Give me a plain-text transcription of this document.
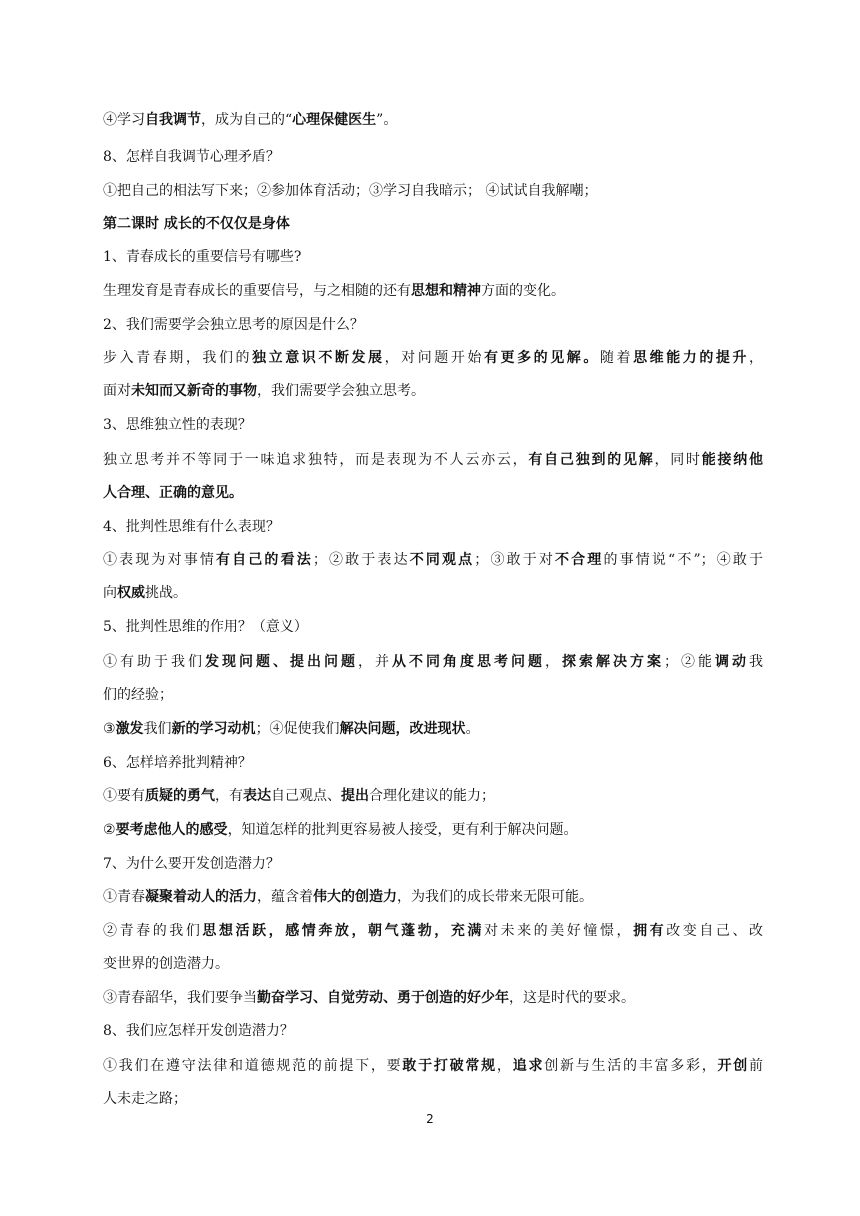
④学习自我调节，成为自己的“心理保健医生”。
8、怎样自我调节心理矛盾？
①把自己的相法写下来；②参加体育活动；③学习自我暗示； ④试试自我解嘲；
第二课时 成长的不仅仅是身体
1、青春成长的重要信号有哪些?
生理发育是青春成长的重要信号，与之相随的还有思想和精神方面的变化。
2、我们需要学会独立思考的原因是什么？
步入青春期，我们的独立意识不断发展，对问题开始有更多的见解。随着思维能力的提升，
面对未知而又新奇的事物，我们需要学会独立思考。
3、思维独立性的表现？
独立思考并不等同于一味追求独特，而是表现为不人云亦云，有自己独到的见解，同时能接纳他
人合理、正确的意见。
4、批判性思维有什么表现？
①表现为对事情有自己的看法；②敢于表达不同观点；③敢于对不合理的事情说“不”；④敢于
向权威挑战。
5、批判性思维的作用？（意义）
①有助于我们发现问题、提出问题，并从不同角度思考问题，探索解决方案；②能调动我
们的经验；
③激发我们新的学习动机；④促使我们解决问题，改进现状。
6、怎样培养批判精神？
①要有质疑的勇气，有表达自己观点、提出合理化建议的能力；
②要考虑他人的感受，知道怎样的批判更容易被人接受，更有利于解决问题。
7、为什么要开发创造潜力？
①青春凝聚着动人的活力，蕴含着伟大的创造力，为我们的成长带来无限可能。
②青春的我们思想活跃，感情奔放，朝气蓬勃，充满对未来的美好憧憬，拥有改变自己、改
变世界的创造潜力。
③青春韶华，我们要争当勤奋学习、自觉劳动、勇于创造的好少年，这是时代的要求。
8、我们应怎样开发创造潜力？
①我们在遵守法律和道德规范的前提下，要敢于打破常规，追求创新与生活的丰富多彩，开创前
人未走之路；
2
